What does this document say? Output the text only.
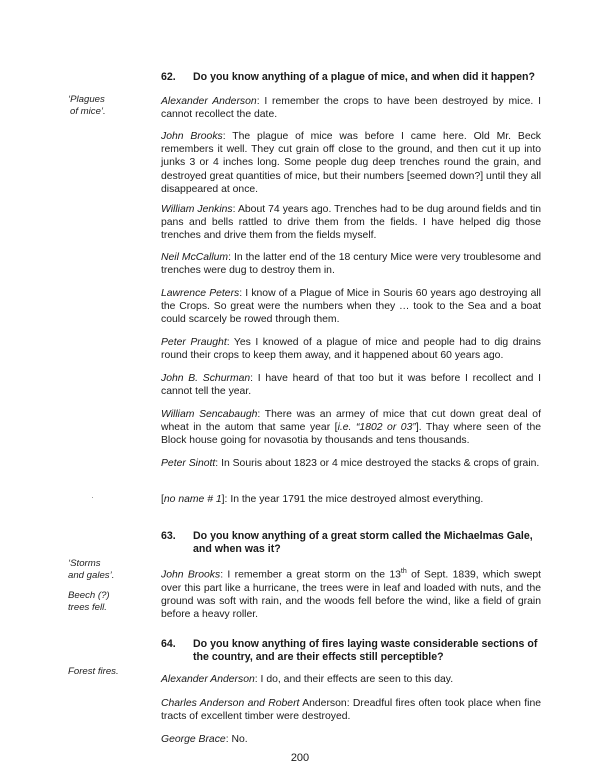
‘Plagues
of mice’.
‘Storms
and gales’.
Beech (?)
trees fell.
Forest fires.
62. Do you know anything of a plague of mice, and when did it happen?
Alexander Anderson: I remember the crops to have been destroyed by mice. I cannot recollect the date.
John Brooks: The plague of mice was before I came here. Old Mr. Beck remembers it well. They cut grain off close to the ground, and then cut it up into junks 3 or 4 inches long. Some people dug deep trenches round the grain, and destroyed great quantities of mice, but their numbers [seemed down?] until they all disappeared at once.
William Jenkins: About 74 years ago. Trenches had to be dug around fields and tin pans and bells rattled to drive them from the fields. I have helped dig those trenches and drive them from the fields myself.
Neil McCallum: In the latter end of the 18 century Mice were very troublesome and trenches were dug to destroy them in.
Lawrence Peters: I know of a Plague of Mice in Souris 60 years ago destroying all the Crops. So great were the numbers when they … took to the Sea and a boat could scarcely be rowed through them.
Peter Praught: Yes I knowed of a plague of mice and people had to dig drains round their crops to keep them away, and it happened about 60 years ago.
John B. Schurman: I have heard of that too but it was before I recollect and I cannot tell the year.
William Sencabaugh: There was an armey of mice that cut down great deal of wheat in the autom that same year [i.e. “1802 or 03”]. Thay where seen of the Block house going for novasotia by thousands and tens thousands.
Peter Sinott: In Souris about 1823 or 4 mice destroyed the stacks & crops of grain.
[no name # 1]: In the year 1791 the mice destroyed almost everything.
63. Do you know anything of a great storm called the Michaelmas Gale, and when was it?
John Brooks: I remember a great storm on the 13th of Sept. 1839, which swept over this part like a hurricane, the trees were in leaf and loaded with nuts, and the ground was soft with rain, and the woods fell before the wind, like a field of grain before a heavy roller.
64. Do you know anything of fires laying waste considerable sections of the country, and are their effects still perceptible?
Alexander Anderson: I do, and their effects are seen to this day.
Charles Anderson and Robert Anderson: Dreadful fires often took place when fine tracts of excellent timber were destroyed.
George Brace: No.
200
